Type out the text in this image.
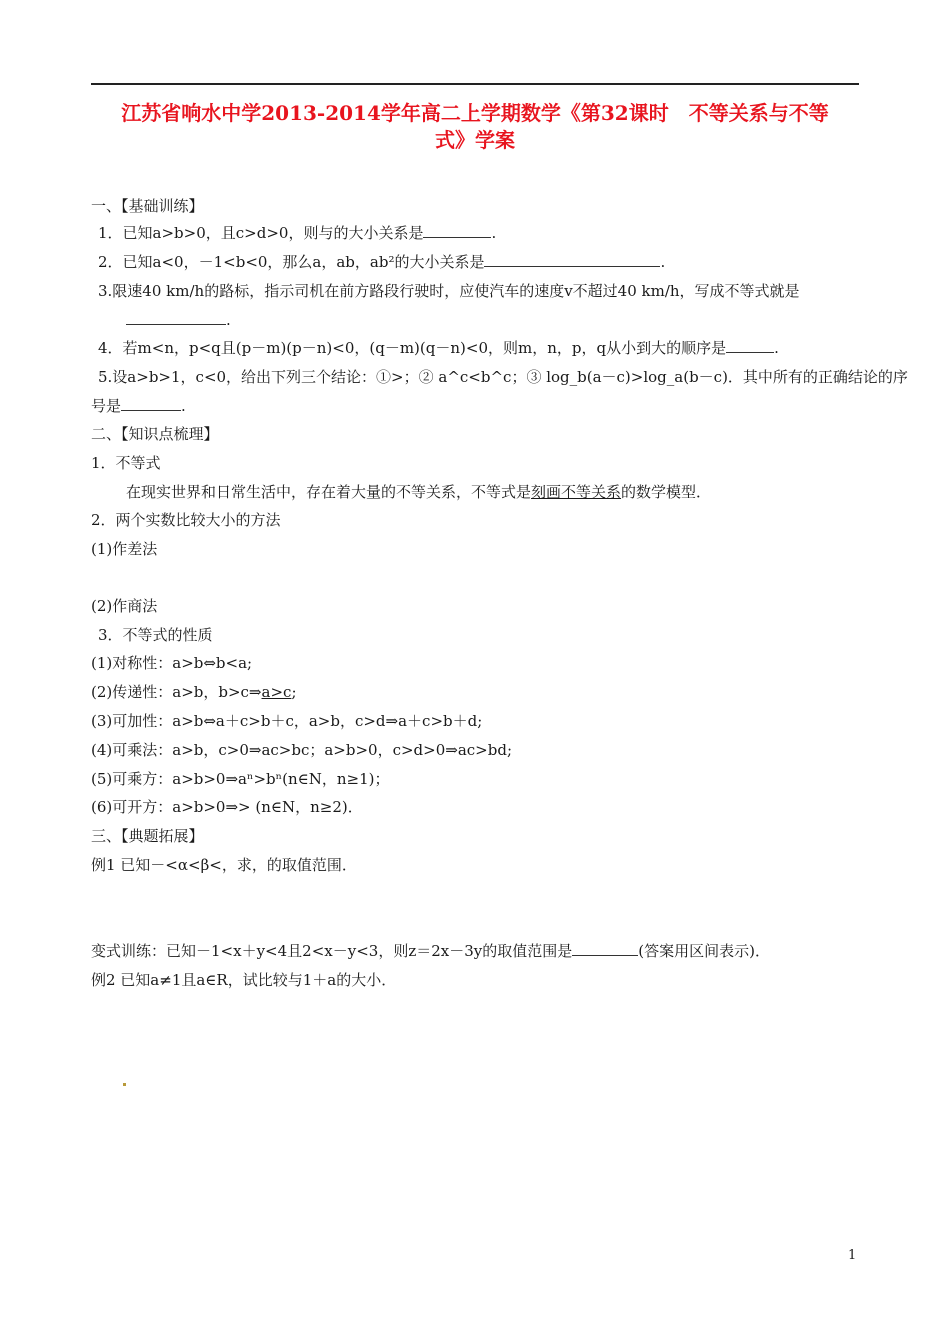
江苏省响水中学2013-2014学年高二上学期数学《第32课时　不等关系与不等
式》学案
一、【基础训练】
1．已知a>b>0，且c>d>0，则与的大小关系是	.
2．已知a<0，－1<b<0，那么a，ab，ab²的大小关系是	.
3.限速40 km/h的路标，指示司机在前方路段行驶时，应使汽车的速度v不超过40 km/h，写成不等式就是
.
4．若m<n，p<q且(p－m)(p－n)<0，(q－m)(q－n)<0，则m，n，p，q从小到大的顺序是	.
5.设a>b>1，c<0，给出下列三个结论：①>；② a^c<b^c；③ log_b(a－c)>log_a(b－c)．其中所有的正确结论的序
号是	.
二、【知识点梳理】
1．不等式
在现实世界和日常生活中，存在着大量的不等关系，不等式是刻画不等关系的数学模型．
2．两个实数比较大小的方法
(1)作差法
(2)作商法
3．不等式的性质
(1)对称性：a>b⇔b<a;
(2)传递性：a>b，b>c⇒a>c;
(3)可加性：a>b⇔a＋c>b＋c，a>b，c>d⇒a＋c>b＋d;
(4)可乘法：a>b，c>0⇒ac>bc；a>b>0，c>d>0⇒ac>bd;
(5)可乘方：a>b>0⇒aⁿ>bⁿ(n∈N，n≥1)；
(6)可开方：a>b>0⇒> (n∈N，n≥2)．
三、【典题拓展】
例1 已知－<α<β<，求，的取值范围．
变式训练：已知－1<x＋y<4且2<x－y<3，则z＝2x－3y的取值范围是	(答案用区间表示)．
例2 已知a≠1且a∈R，试比较与1＋a的大小．
1
